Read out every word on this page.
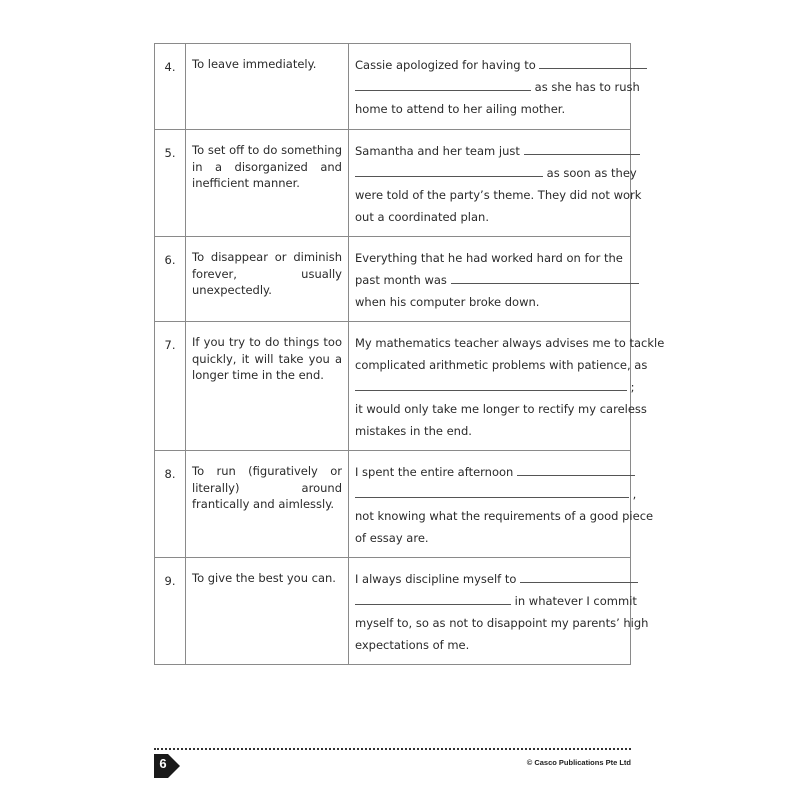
4.	To leave immediately.	Cassie apologized for having to
as she has to rush
home to attend to her ailing mother.

5.	To set off to do something in a disorganized and inefficient manner.	Samantha and her team just
as soon as they
were told of the party’s theme. They did not work
out a coordinated plan.

6.	To disappear or diminish forever, usually unexpectedly.	Everything that he had worked hard on for the
past month was
when his computer broke down.

7.	If you try to do things too quickly, it will take you a longer time in the end.	My mathematics teacher always advises me to tackle
complicated arithmetic problems with patience, as
;
it would only take me longer to rectify my careless
mistakes in the end.

8.	To run (figuratively or literally) around frantically and aimlessly.	I spent the entire afternoon
,
not knowing what the requirements of a good piece
of essay are.

9.	To give the best you can.	I always discipline myself to
in whatever I commit
myself to, so as not to disappoint my parents’ high
expectations of me.
6	© Casco Publications Pte Ltd
